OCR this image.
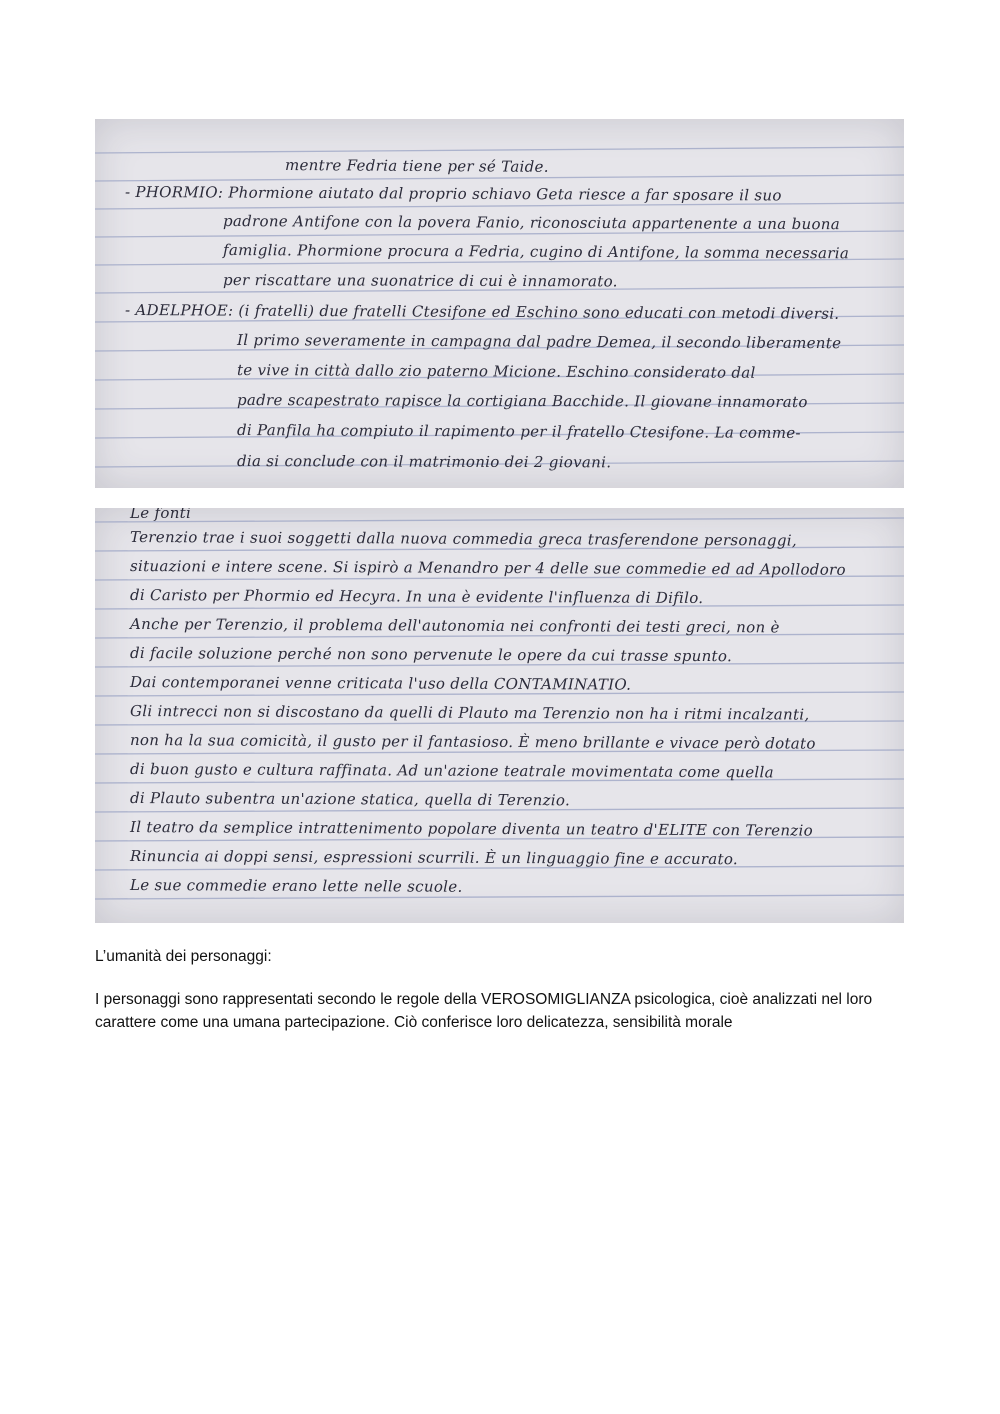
mentre Fedria tiene per sé Taide.
- PHORMIO: Phormione aiutato dal proprio schiavo Geta riesce a far sposare il suo
padrone Antifone con la povera Fanio, riconosciuta appartenente a una buona
famiglia. Phormione procura a Fedria, cugino di Antifone, la somma necessaria
per riscattare una suonatrice di cui è innamorato.
- ADELPHOE: (i fratelli) due fratelli Ctesifone ed Eschino sono educati con metodi diversi.
Il primo severamente in campagna dal padre Demea, il secondo liberamente
te vive in città dallo zio paterno Micione. Eschino considerato dal
padre scapestrato rapisce la cortigiana Bacchide. Il giovane innamorato
di Panfila ha compiuto il rapimento per il fratello Ctesifone. La comme-
dia si conclude con il matrimonio dei 2 giovani.
Le fonti
Terenzio trae i suoi soggetti dalla nuova commedia greca trasferendone personaggi,
situazioni e intere scene. Si ispirò a Menandro per 4 delle sue commedie ed ad Apollodoro
di Caristo per Phormio ed Hecyra. In una è evidente l'influenza di Difilo.
Anche per Terenzio, il problema dell'autonomia nei confronti dei testi greci, non è
di facile soluzione perché non sono pervenute le opere da cui trasse spunto.
Dai contemporanei venne criticata l'uso della CONTAMINATIO.
Gli intrecci non si discostano da quelli di Plauto ma Terenzio non ha i ritmi incalzanti,
non ha la sua comicità, il gusto per il fantasioso. È meno brillante e vivace però dotato
di buon gusto e cultura raffinata. Ad un'azione teatrale movimentata come quella
di Plauto subentra un'azione statica, quella di Terenzio.
Il teatro da semplice intrattenimento popolare diventa un teatro d'ELITE con Terenzio
Rinuncia ai doppi sensi, espressioni scurrili. È un linguaggio fine e accurato.
Le sue commedie erano lette nelle scuole.
L’umanità dei personaggi:
I personaggi sono rappresentati secondo le regole della VEROSOMIGLIANZA psicologica, cioè analizzati nel loro carattere come una umana partecipazione. Ciò conferisce loro delicatezza, sensibilità morale
